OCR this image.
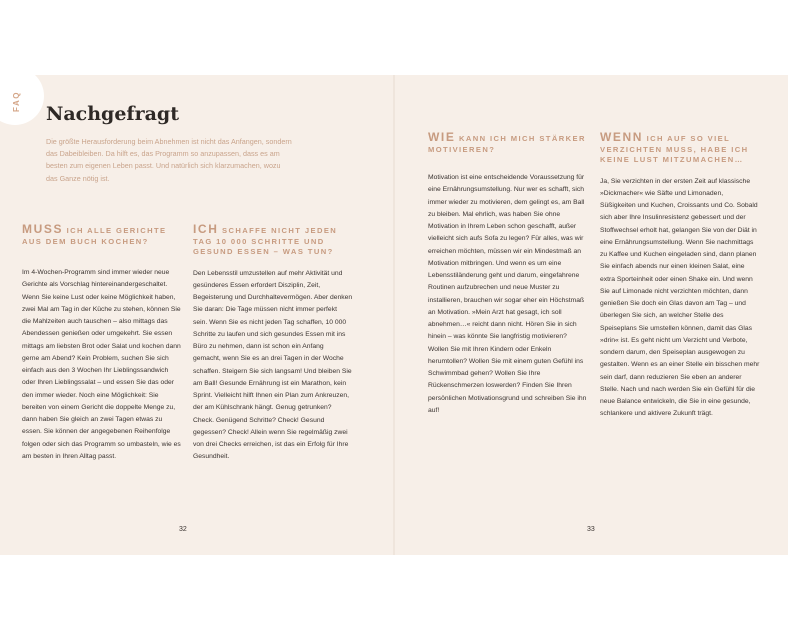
FAQ
Nachgefragt

Die größte Herausforderung beim Abnehmen ist nicht das Anfangen, sondern das Dabeibleiben. Da hilft es, das Programm so anzupassen, dass es am besten zum eigenen Leben passt. Und natürlich sich klarzumachen, wozu das Ganze nötig ist.

MUSS ICH ALLE GERICHTE AUS DEM BUCH KOCHEN?

Im 4-Wochen-Programm sind immer wieder neue Gerichte als Vorschlag hintereinandergeschaltet. Wenn Sie keine Lust oder keine Möglichkeit haben, zwei Mal am Tag in der Küche zu stehen, können Sie die Mahlzeiten auch tauschen – also mittags das Abendessen genießen oder umgekehrt. Sie essen mittags am liebsten Brot oder Salat und kochen dann gerne am Abend? Kein Problem, suchen Sie sich einfach aus den 3 Wochen Ihr Lieblingssandwich oder Ihren Lieblingssalat – und essen Sie das oder den immer wieder. Noch eine Möglichkeit: Sie bereiten von einem Gericht die doppelte Menge zu, dann haben Sie gleich an zwei Tagen etwas zu essen. Sie können der angegebenen Reihenfolge folgen oder sich das Programm so umbasteln, wie es am besten in Ihren Alltag passt.

ICH SCHAFFE NICHT JEDEN TAG 10 000 SCHRITTE UND GESUND ESSEN – WAS TUN?

Den Lebensstil umzustellen auf mehr Aktivität und gesünderes Essen erfordert Disziplin, Zeit, Begeisterung und Durchhaltevermögen. Aber denken Sie daran: Die Tage müssen nicht immer perfekt sein. Wenn Sie es nicht jeden Tag schaffen, 10 000 Schritte zu laufen und sich gesundes Essen mit ins Büro zu nehmen, dann ist schon ein Anfang gemacht, wenn Sie es an drei Tagen in der Woche schaffen. Steigern Sie sich langsam! Und bleiben Sie am Ball! Gesunde Ernährung ist ein Marathon, kein Sprint. Vielleicht hilft Ihnen ein Plan zum Ankreuzen, der am Kühlschrank hängt. Genug getrunken? Check. Genügend Schritte? Check! Gesund gegessen? Check! Allein wenn Sie regelmäßig zwei von drei Checks erreichen, ist das ein Erfolg für Ihre Gesundheit.

WIE KANN ICH MICH STÄRKER MOTIVIEREN?

Motivation ist eine entscheidende Voraussetzung für eine Ernährungsumstellung. Nur wer es schafft, sich immer wieder zu motivieren, dem gelingt es, am Ball zu bleiben. Mal ehrlich, was haben Sie ohne Motivation in Ihrem Leben schon geschafft, außer vielleicht sich aufs Sofa zu legen? Für alles, was wir erreichen möchten, müssen wir ein Mindestmaß an Motivation mitbringen. Und wenn es um eine Lebensstiländerung geht und darum, eingefahrene Routinen aufzubrechen und neue Muster zu installieren, brauchen wir sogar eher ein Höchstmaß an Motivation. »Mein Arzt hat gesagt, ich soll abnehmen…« reicht dann nicht. Hören Sie in sich hinein – was könnte Sie langfristig motivieren? Wollen Sie mit Ihren Kindern oder Enkeln herumtollen? Wollen Sie mit einem guten Gefühl ins Schwimmbad gehen? Wollen Sie Ihre Rückenschmerzen loswerden? Finden Sie Ihren persönlichen Motivationsgrund und schreiben Sie ihn auf!

WENN ICH AUF SO VIEL VERZICHTEN MUSS, HABE ICH KEINE LUST MITZUMACHEN…

Ja, Sie verzichten in der ersten Zeit auf klassische »Dickmacher« wie Säfte und Limonaden, Süßigkeiten und Kuchen, Croissants und Co. Sobald sich aber Ihre Insulinresistenz gebessert und der Stoffwechsel erholt hat, gelangen Sie von der Diät in eine Ernährungsumstellung. Wenn Sie nachmittags zu Kaffee und Kuchen eingeladen sind, dann planen Sie einfach abends nur einen kleinen Salat, eine extra Sporteinheit oder einen Shake ein. Und wenn Sie auf Limonade nicht verzichten möchten, dann genießen Sie doch ein Glas davon am Tag – und überlegen Sie sich, an welcher Stelle des Speiseplans Sie umstellen können, damit das Glas »drin« ist. Es geht nicht um Verzicht und Verbote, sondern darum, den Speiseplan ausgewogen zu gestalten. Wenn es an einer Stelle ein bisschen mehr sein darf, dann reduzieren Sie eben an anderer Stelle. Nach und nach werden Sie ein Gefühl für die neue Balance entwickeln, die Sie in eine gesunde, schlankere und aktivere Zukunft trägt.

32	33
